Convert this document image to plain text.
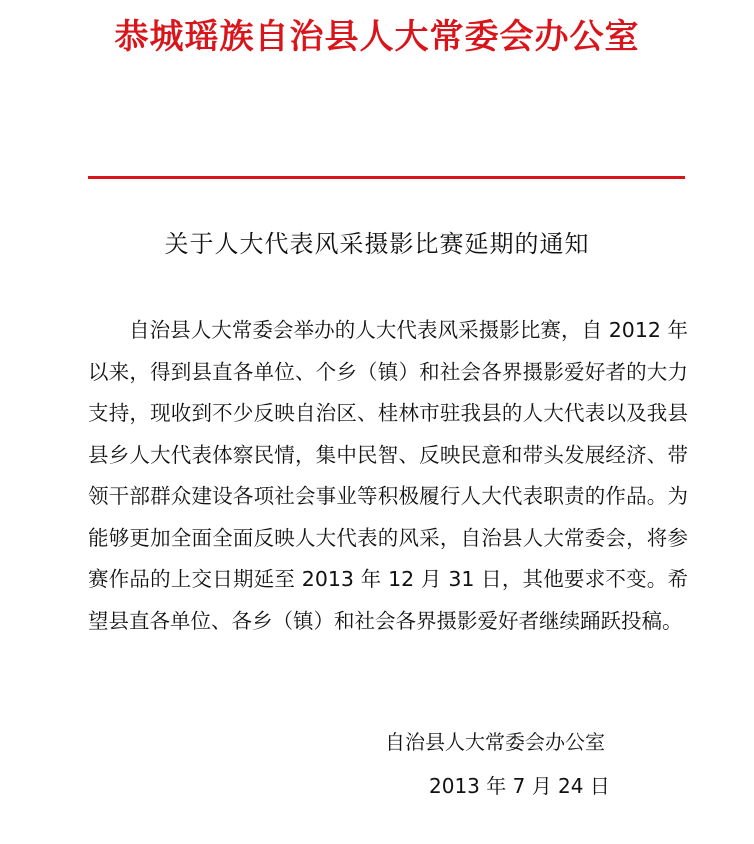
恭城瑶族自治县人大常委会办公室
关于人大代表风采摄影比赛延期的通知

自治县人大常委会举办的人大代表风采摄影比赛，自 2012 年以来，得到县直各单位、个乡（镇）和社会各界摄影爱好者的大力支持，现收到不少反映自治区、桂林市驻我县的人大代表以及我县县乡人大代表体察民情，集中民智、反映民意和带头发展经济、带领干部群众建设各项社会事业等积极履行人大代表职责的作品。为能够更加全面全面反映人大代表的风采，自治县人大常委会，将参赛作品的上交日期延至 2013 年 12 月 31 日，其他要求不变。希望县直各单位、各乡（镇）和社会各界摄影爱好者继续踊跃投稿。

自治县人大常委会办公室
2013 年 7 月 24 日
